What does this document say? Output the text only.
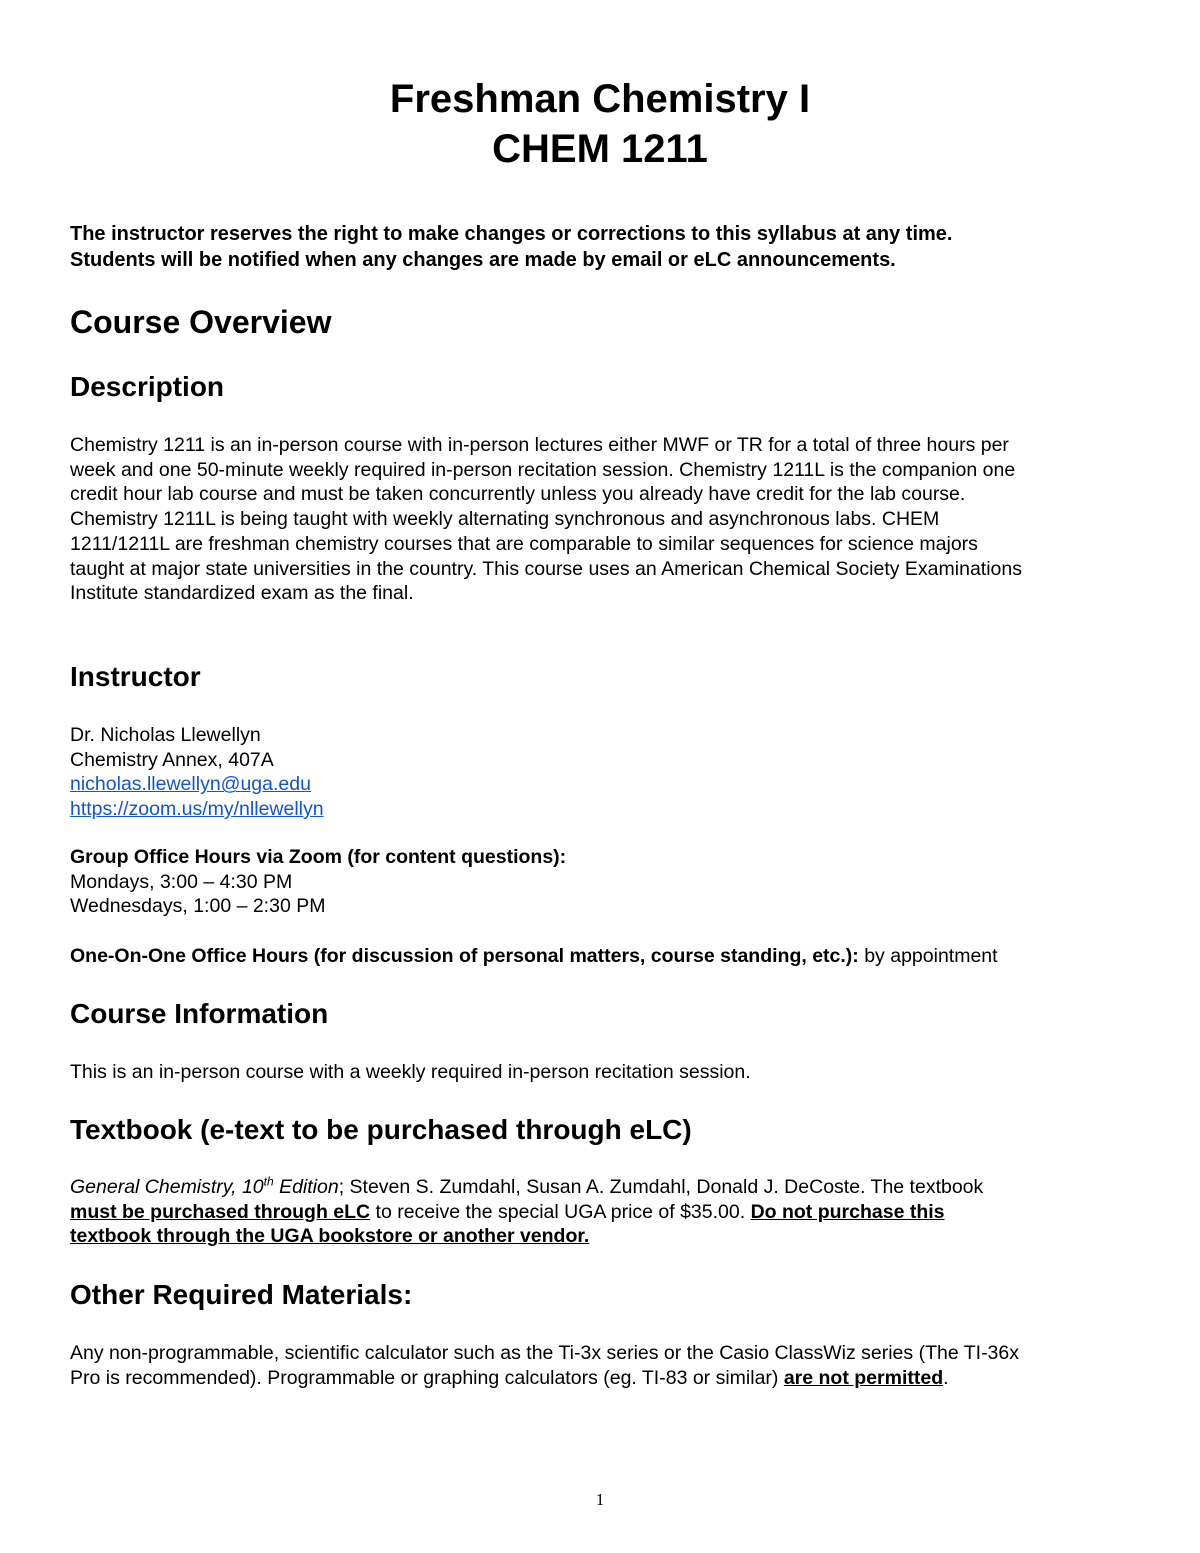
Freshman Chemistry I
CHEM 1211
The instructor reserves the right to make changes or corrections to this syllabus at any time.
Students will be notified when any changes are made by email or eLC announcements.
Course Overview
Description
Chemistry 1211 is an in-person course with in-person lectures either MWF or TR for a total of three hours per
week and one 50-minute weekly required in-person recitation session. Chemistry 1211L is the companion one
credit hour lab course and must be taken concurrently unless you already have credit for the lab course.
Chemistry 1211L is being taught with weekly alternating synchronous and asynchronous labs. CHEM
1211/1211L are freshman chemistry courses that are comparable to similar sequences for science majors
taught at major state universities in the country. This course uses an American Chemical Society Examinations
Institute standardized exam as the final.
Instructor
Dr. Nicholas Llewellyn
Chemistry Annex, 407A
nicholas.llewellyn@uga.edu
https://zoom.us/my/nllewellyn
Group Office Hours via Zoom (for content questions):
Mondays, 3:00 – 4:30 PM
Wednesdays, 1:00 – 2:30 PM
One-On-One Office Hours (for discussion of personal matters, course standing, etc.): by appointment
Course Information
This is an in-person course with a weekly required in-person recitation session.
Textbook (e-text to be purchased through eLC)
General Chemistry, 10th Edition; Steven S. Zumdahl, Susan A. Zumdahl, Donald J. DeCoste. The textbook
must be purchased through eLC to receive the special UGA price of $35.00. Do not purchase this
textbook through the UGA bookstore or another vendor.
Other Required Materials:
Any non-programmable, scientific calculator such as the Ti-3x series or the Casio ClassWiz series (The TI-36x
Pro is recommended). Programmable or graphing calculators (eg. TI-83 or similar) are not permitted.
1
